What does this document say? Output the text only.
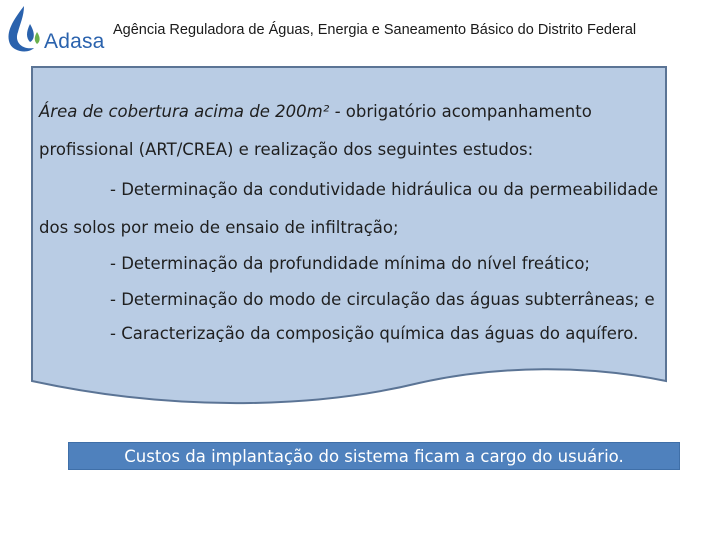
Adasa Agência Reguladora de Águas, Energia e Saneamento Básico do Distrito Federal
Área de cobertura acima de 200m² - obrigatório acompanhamento
profissional (ART/CREA) e realização dos seguintes estudos:
- Determinação da condutividade hidráulica ou da permeabilidade
dos solos por meio de ensaio de infiltração;
- Determinação da profundidade mínima do nível freático;
- Determinação do modo de circulação das águas subterrâneas; e
- Caracterização da composição química das águas do aquífero.
Custos da implantação do sistema ficam a cargo do usuário.
